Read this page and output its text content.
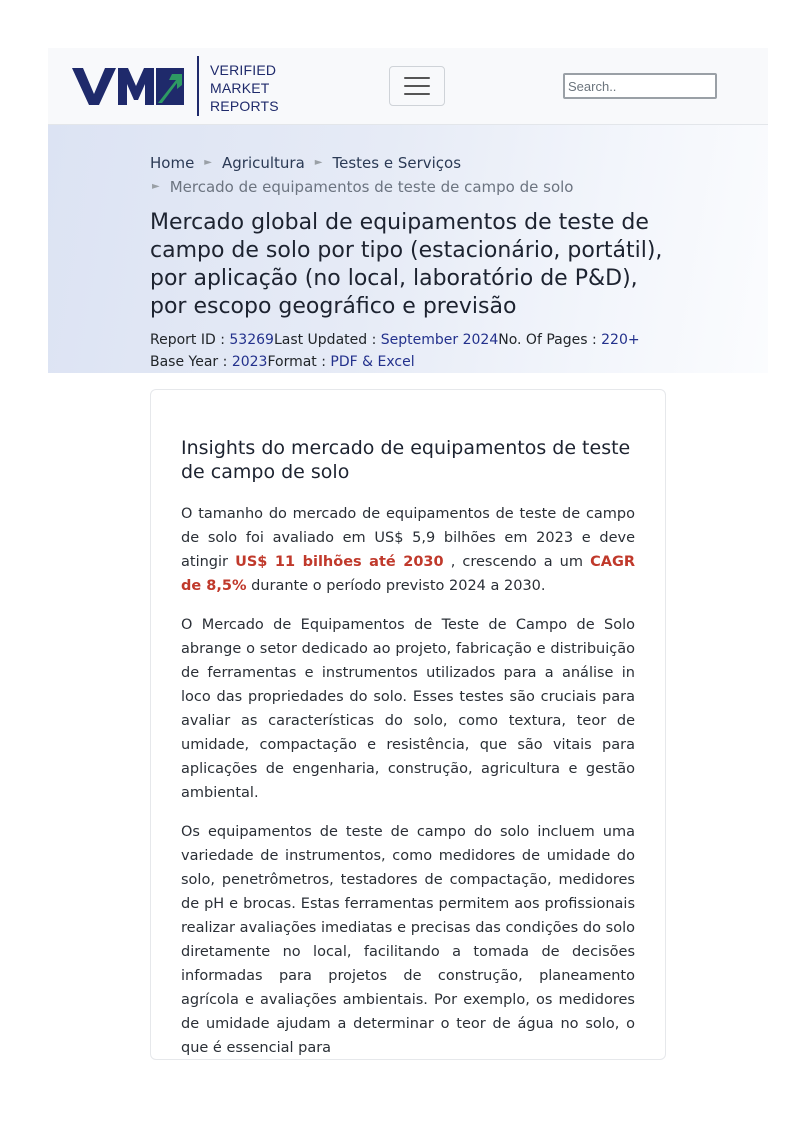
VERIFIED
MARKET
REPORTS
Search..
Home ► Agricultura ► Testes e Serviços
► Mercado de equipamentos de teste de campo de solo
Mercado global de equipamentos de teste de campo de solo por tipo (estacionário, portátil), por aplicação (no local, laboratório de P&D), por escopo geográfico e previsão
Report ID : 53269Last Updated : September 2024No. Of Pages : 220+
Base Year : 2023Format : PDF & Excel
Insights do mercado de equipamentos de teste de campo de solo

O tamanho do mercado de equipamentos de teste de campo de solo foi avaliado em US$ 5,9 bilhões em 2023 e deve atingir US$ 11 bilhões até 2030 , crescendo a um CAGR de 8,5% durante o período previsto 2024 a 2030.

O Mercado de Equipamentos de Teste de Campo de Solo abrange o setor dedicado ao projeto, fabricação e distribuição de ferramentas e instrumentos utilizados para a análise in loco das propriedades do solo. Esses testes são cruciais para avaliar as características do solo, como textura, teor de umidade, compactação e resistência, que são vitais para aplicações de engenharia, construção, agricultura e gestão ambiental.

Os equipamentos de teste de campo do solo incluem uma variedade de instrumentos, como medidores de umidade do solo, penetrômetros, testadores de compactação, medidores de pH e brocas. Estas ferramentas permitem aos profissionais realizar avaliações imediatas e precisas das condições do solo diretamente no local, facilitando a tomada de decisões informadas para projetos de construção, planeamento agrícola e avaliações ambientais. Por exemplo, os medidores de umidade ajudam a determinar o teor de água no solo, o que é essencial para
